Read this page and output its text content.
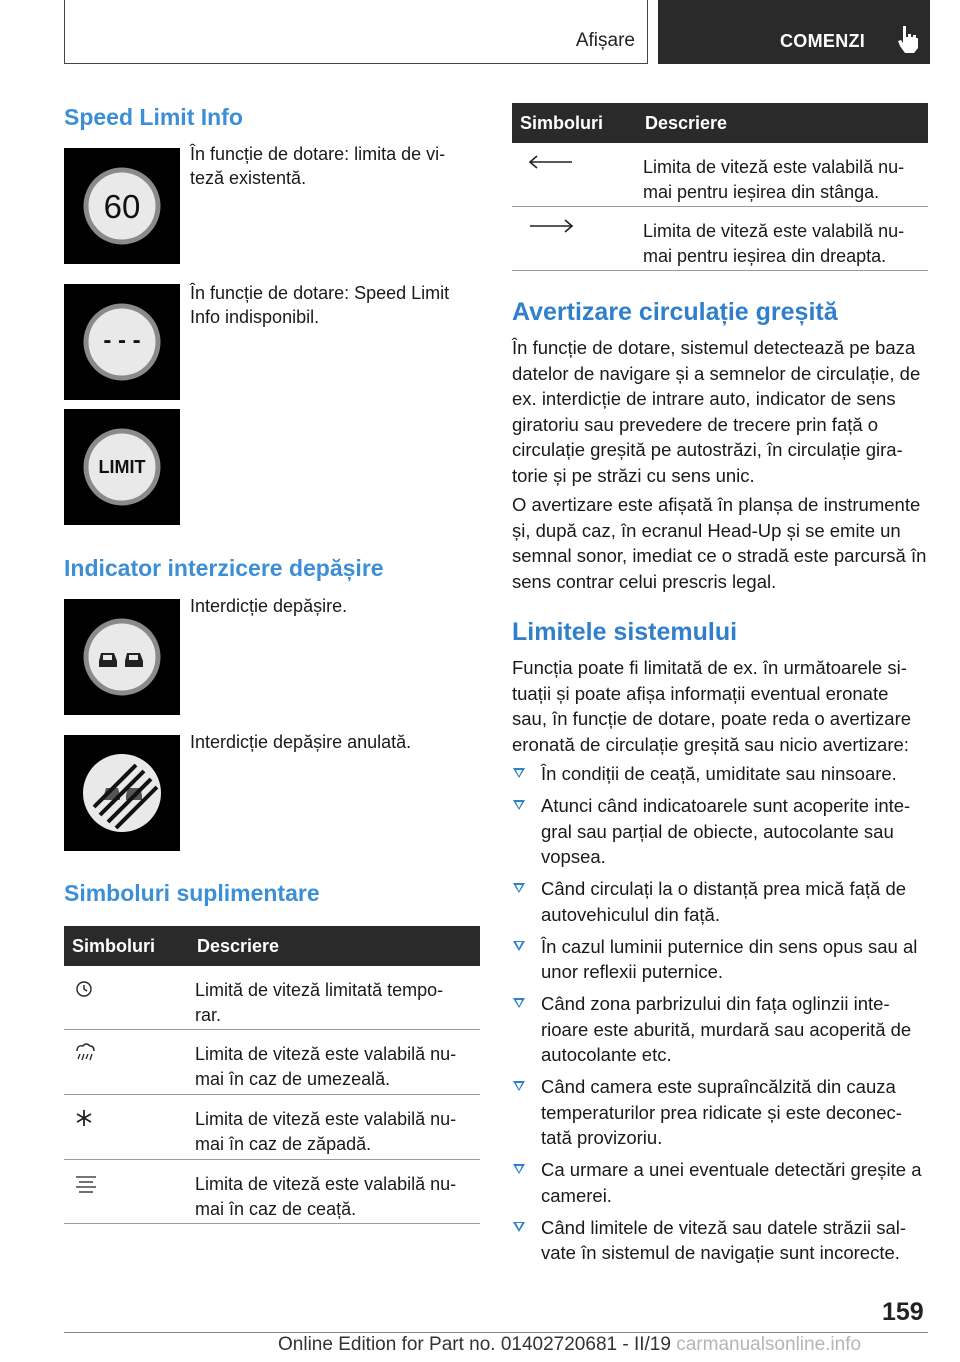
Afișare	COMENZI
Speed Limit Info
60
În funcție de dotare: limita de vi-
teză existentă.
- - -
În funcție de dotare: Speed Limit
Info indisponibil.
LIMIT
Indicator interzicere depășire
Interdicție depășire.
Interdicție depășire anulată.
Simboluri suplimentare
Simboluri Descriere
Limită de viteză limitată tempo-
rar.
Limita de viteză este valabilă nu-
mai în caz de umezeală.
Limita de viteză este valabilă nu-
mai în caz de zăpadă.
Limita de viteză este valabilă nu-
mai în caz de ceață.
Simboluri Descriere
Limita de viteză este valabilă nu-
mai pentru ieșirea din stânga.
Limita de viteză este valabilă nu-
mai pentru ieșirea din dreapta.
Avertizare circulație greșită

În funcție de dotare, sistemul detectează pe baza datelor de navigare și a semnelor de circulație, de ex. interdicție de intrare auto, indicator de sens giratoriu sau prevedere de trecere prin față o circulație greșită pe autostrăzi, în circulație gira-torie și pe străzi cu sens unic.

O avertizare este afișată în planșa de instrumente și, după caz, în ecranul Head-Up și se emite un semnal sonor, imediat ce o stradă este parcursă în sens contrar celui prescris legal.

Limitele sistemului

Funcția poate fi limitată de ex. în următoarele si-tuații și poate afișa informații eventual eronate sau, în funcție de dotare, poate reda o avertizare eronată de circulație greșită sau nicio avertizare:

În condiții de ceață, umiditate sau ninsoare.
Atunci când indicatoarele sunt acoperite inte-gral sau parțial de obiecte, autocolante sau vopsea.
Când circulați la o distanță prea mică față de autovehiculul din față.
În cazul luminii puternice din sens opus sau al unor reflexii puternice.
Când zona parbrizului din fața oglinzii inte-rioare este aburită, murdară sau acoperită de autocolante etc.
Când camera este supraîncălzită din cauza temperaturilor prea ridicate și este deconec-tată provizoriu.
Ca urmare a unei eventuale detectări greșite a camerei.
Când limitele de viteză sau datele străzii sal-vate în sistemul de navigație sunt incorecte.
159
Online Edition for Part no. 01402720681 - II/19 carmanualsonline.info
